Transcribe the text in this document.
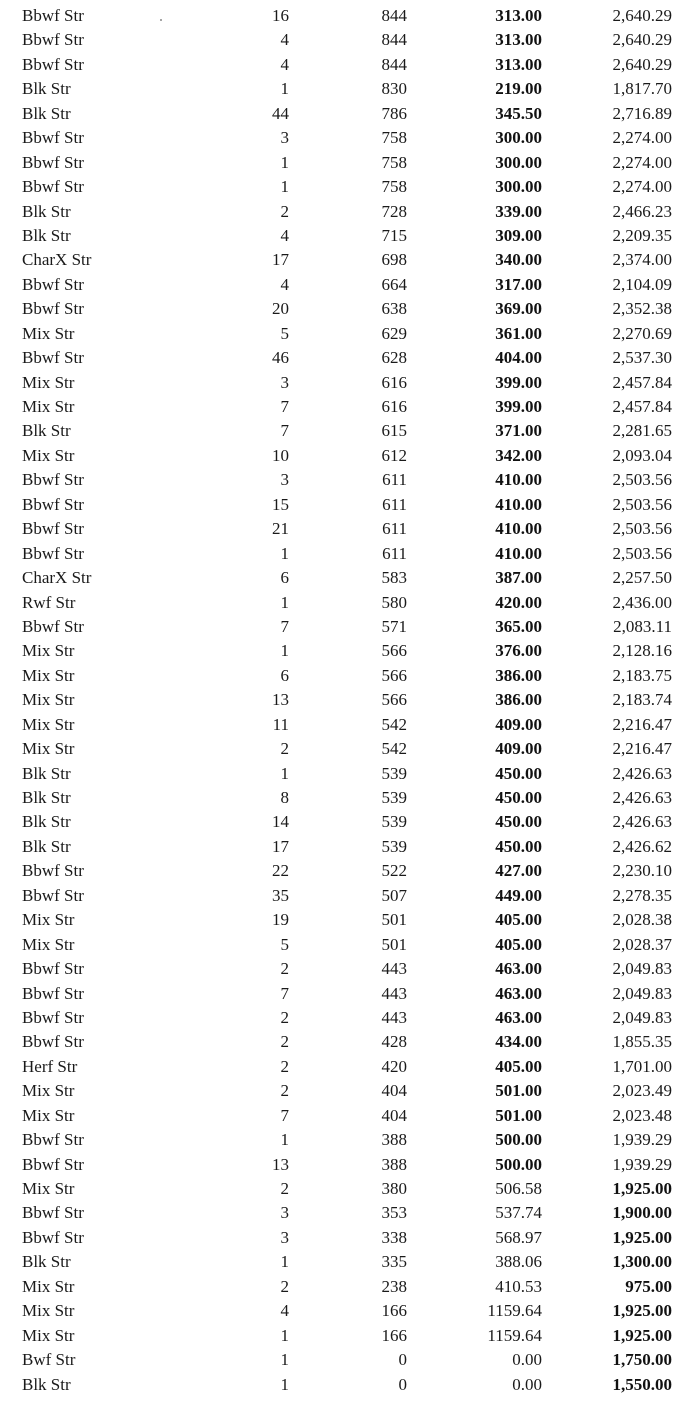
Bbwf Str	16	844	313.00	2,640.29
Bbwf Str	4	844	313.00	2,640.29
Bbwf Str	4	844	313.00	2,640.29
Blk Str	1	830	219.00	1,817.70
Blk Str	44	786	345.50	2,716.89
Bbwf Str	3	758	300.00	2,274.00
Bbwf Str	1	758	300.00	2,274.00
Bbwf Str	1	758	300.00	2,274.00
Blk Str	2	728	339.00	2,466.23
Blk Str	4	715	309.00	2,209.35
CharX Str	17	698	340.00	2,374.00
Bbwf Str	4	664	317.00	2,104.09
Bbwf Str	20	638	369.00	2,352.38
Mix Str	5	629	361.00	2,270.69
Bbwf Str	46	628	404.00	2,537.30
Mix Str	3	616	399.00	2,457.84
Mix Str	7	616	399.00	2,457.84
Blk Str	7	615	371.00	2,281.65
Mix Str	10	612	342.00	2,093.04
Bbwf Str	3	611	410.00	2,503.56
Bbwf Str	15	611	410.00	2,503.56
Bbwf Str	21	611	410.00	2,503.56
Bbwf Str	1	611	410.00	2,503.56
CharX Str	6	583	387.00	2,257.50
Rwf Str	1	580	420.00	2,436.00
Bbwf Str	7	571	365.00	2,083.11
Mix Str	1	566	376.00	2,128.16
Mix Str	6	566	386.00	2,183.75
Mix Str	13	566	386.00	2,183.74
Mix Str	11	542	409.00	2,216.47
Mix Str	2	542	409.00	2,216.47
Blk Str	1	539	450.00	2,426.63
Blk Str	8	539	450.00	2,426.63
Blk Str	14	539	450.00	2,426.63
Blk Str	17	539	450.00	2,426.62
Bbwf Str	22	522	427.00	2,230.10
Bbwf Str	35	507	449.00	2,278.35
Mix Str	19	501	405.00	2,028.38
Mix Str	5	501	405.00	2,028.37
Bbwf Str	2	443	463.00	2,049.83
Bbwf Str	7	443	463.00	2,049.83
Bbwf Str	2	443	463.00	2,049.83
Bbwf Str	2	428	434.00	1,855.35
Herf Str	2	420	405.00	1,701.00
Mix Str	2	404	501.00	2,023.49
Mix Str	7	404	501.00	2,023.48
Bbwf Str	1	388	500.00	1,939.29
Bbwf Str	13	388	500.00	1,939.29
Mix Str	2	380	506.58	1,925.00
Bbwf Str	3	353	537.74	1,900.00
Bbwf Str	3	338	568.97	1,925.00
Blk Str	1	335	388.06	1,300.00
Mix Str	2	238	410.53	975.00
Mix Str	4	166	1159.64	1,925.00
Mix Str	1	166	1159.64	1,925.00
Bwf Str	1	0	0.00	1,750.00
Blk Str	1	0	0.00	1,550.00
